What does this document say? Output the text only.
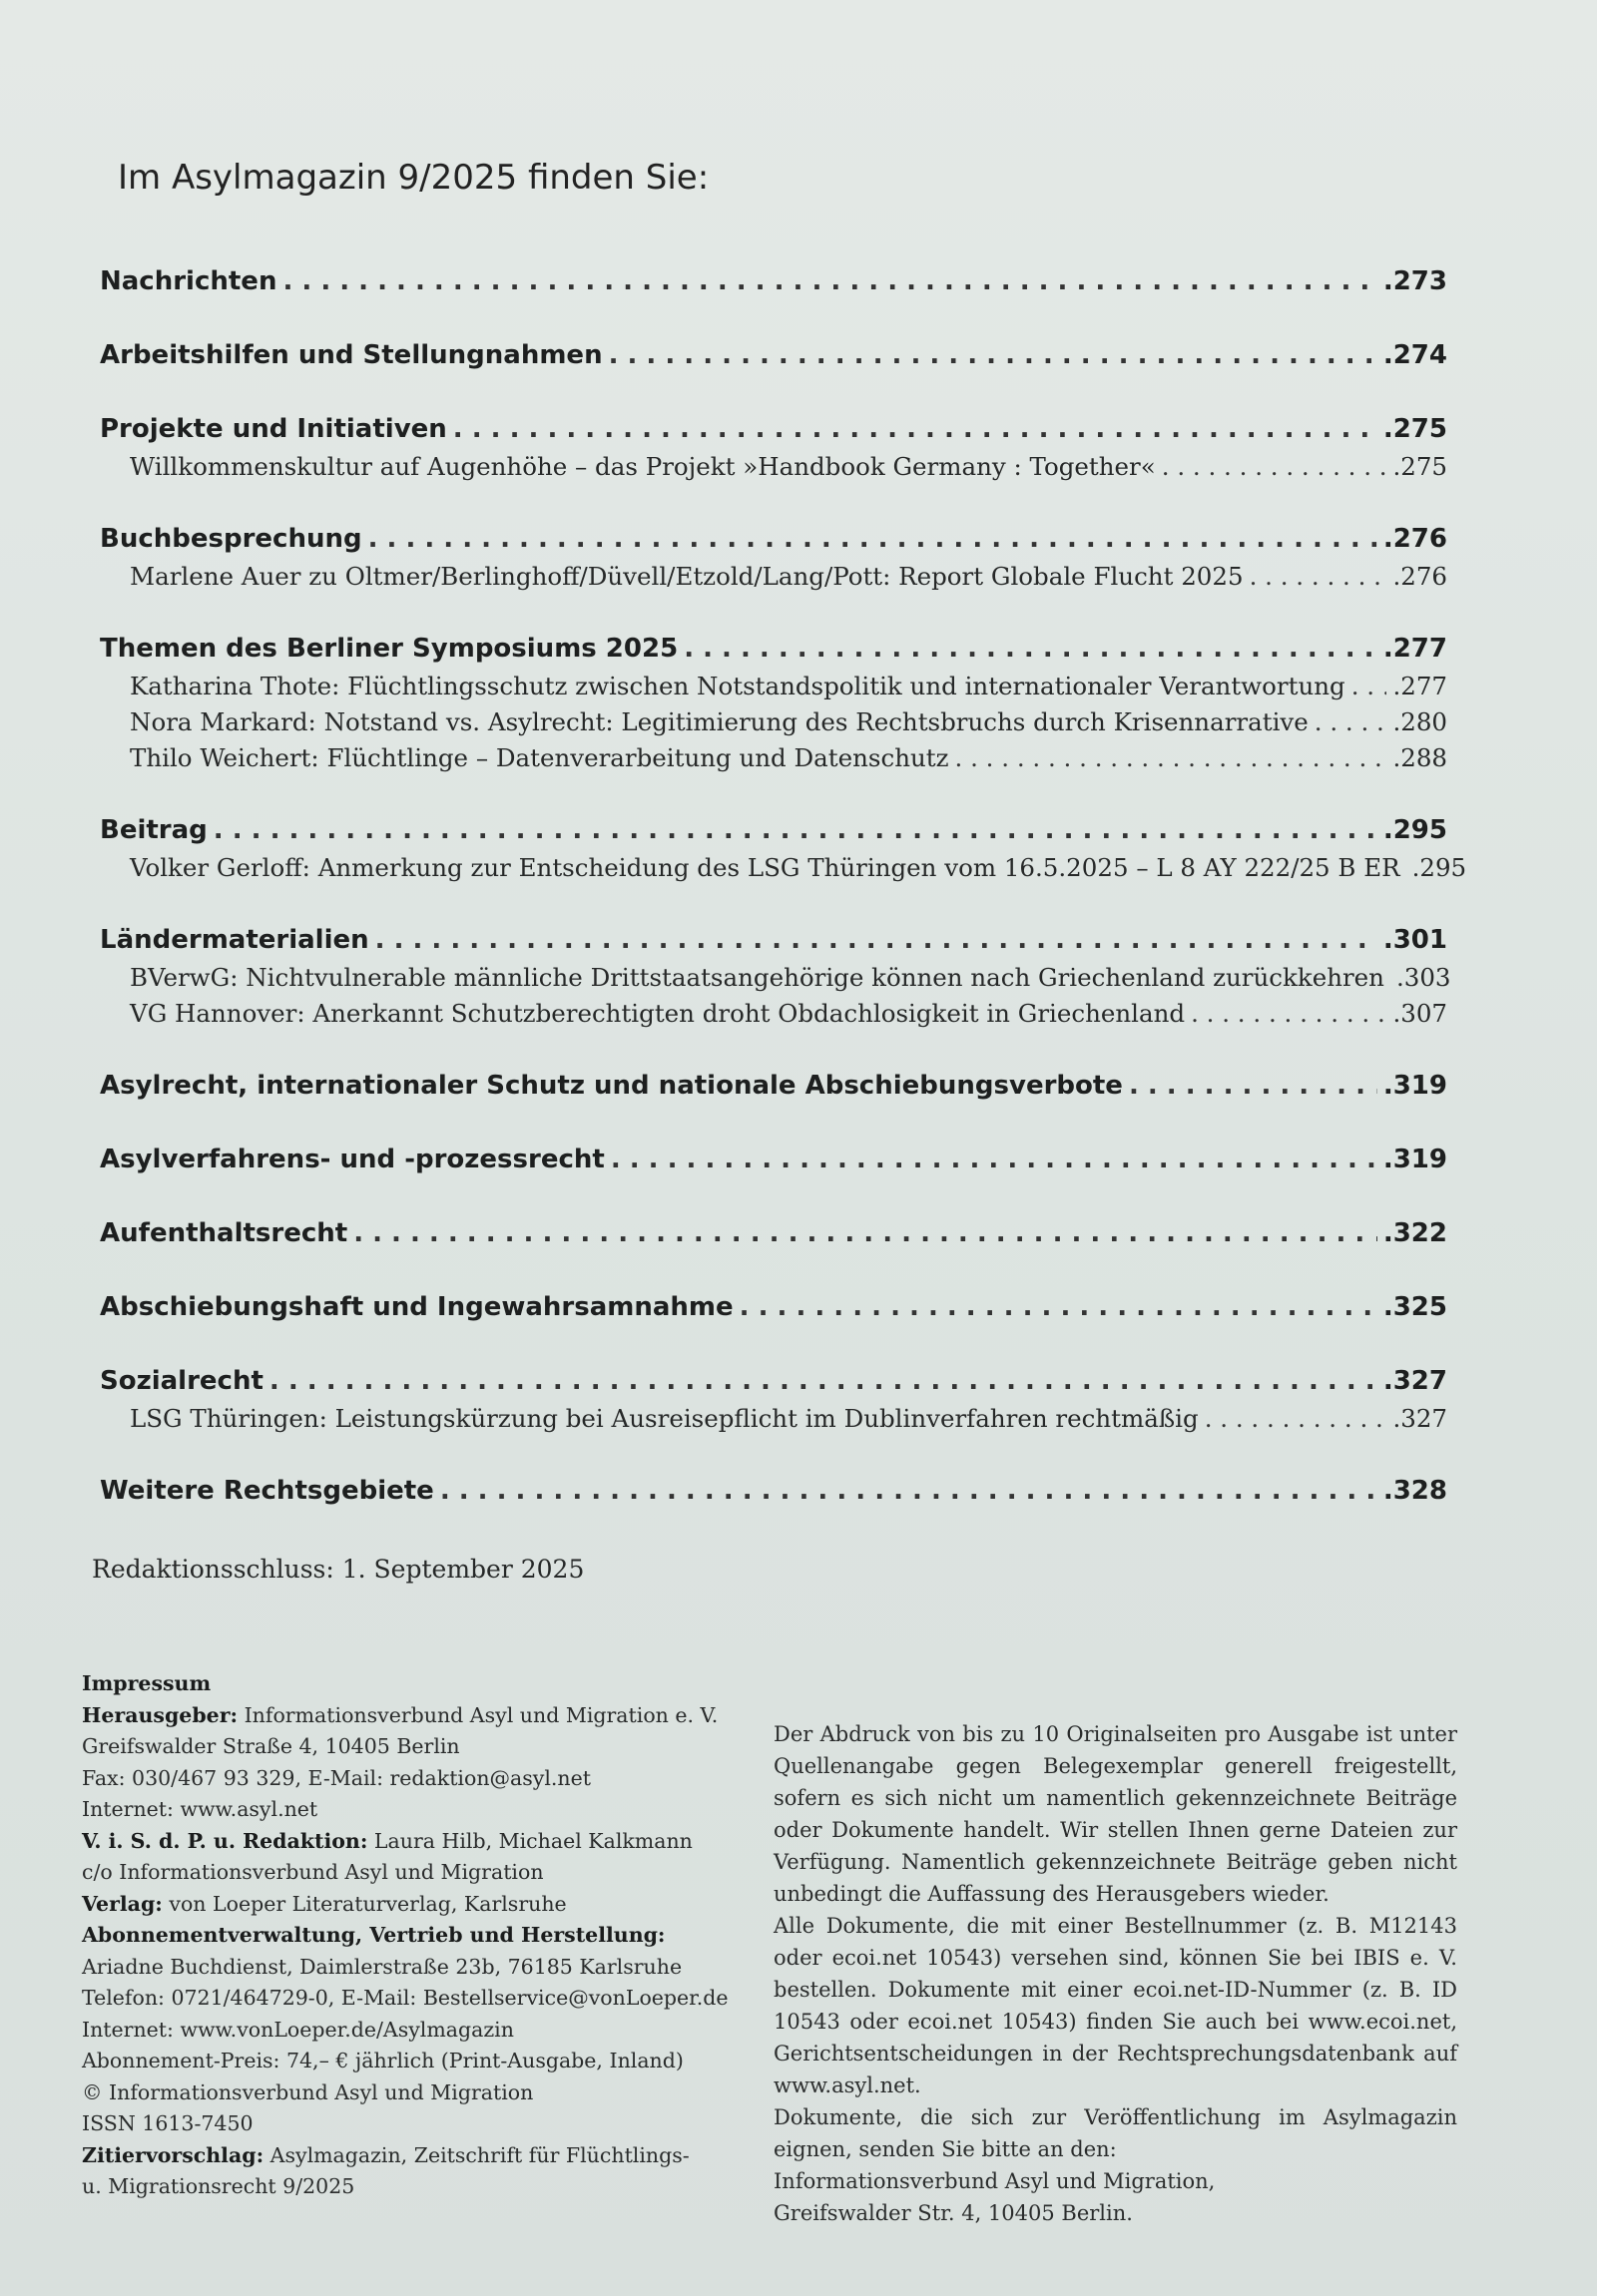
Im Asylmagazin 9/2025 finden Sie:
Nachrichten . . .	.273
Arbeitshilfen und Stellungnahmen . . .	.274
Projekte und Initiativen . . .	.275
Willkommenskultur auf Augenhöhe – das Projekt »Handbook Germany : Together« . . .	.275
Buchbesprechung . . .	.276
Marlene Auer zu Oltmer/Berlinghoff/Düvell/Etzold/Lang/Pott: Report Globale Flucht 2025 . . .	.276
Themen des Berliner Symposiums 2025 . . .	.277
Katharina Thote: Flüchtlingsschutz zwischen Notstandspolitik und internationaler Verantwortung . . . .277
Nora Markard: Notstand vs. Asylrecht: Legitimierung des Rechtsbruchs durch Krisennarrative . . .	.280
Thilo Weichert: Flüchtlinge – Datenverarbeitung und Datenschutz . . .	.288
Beitrag . . .	.295
Volker Gerloff: Anmerkung zur Entscheidung des LSG Thüringen vom 16.5.2025 – L 8 AY 222/25 B ER .295
Ländermaterialien . . .	.301
BVerwG: Nichtvulnerable männliche Drittstaatsangehörige können nach Griechenland zurückkehren .303
VG Hannover: Anerkannt Schutzberechtigten droht Obdachlosigkeit in Griechenland . . .	.307
Asylrecht, internationaler Schutz und nationale Abschiebungsverbote . . .	.319
Asylverfahrens- und -prozessrecht . . .	.319
Aufenthaltsrecht . . .	.322
Abschiebungshaft und Ingewahrsamnahme . . .	.325
Sozialrecht . . .	.327
LSG Thüringen: Leistungskürzung bei Ausreisepflicht im Dublinverfahren rechtmäßig . . .	.327
Weitere Rechtsgebiete . . .	.328
Redaktionsschluss: 1. September 2025
Impressum
Herausgeber: Informationsverbund Asyl und Migration e. V.
Greifswalder Straße 4, 10405 Berlin
Fax: 030/467 93 329, E-Mail: redaktion@asyl.net
Internet: www.asyl.net
V. i. S. d. P. u. Redaktion: Laura Hilb, Michael Kalkmann
c/o Informationsverbund Asyl und Migration
Verlag: von Loeper Literaturverlag, Karlsruhe
Abonnementverwaltung, Vertrieb und Herstellung:
Ariadne Buchdienst, Daimlerstraße 23b, 76185 Karlsruhe
Telefon: 0721/464729-0, E-Mail: Bestellservice@vonLoeper.de
Internet: www.vonLoeper.de/Asylmagazin
Abonnement-Preis: 74,– € jährlich (Print-Ausgabe, Inland)
© Informationsverbund Asyl und Migration
ISSN 1613-7450
Zitiervorschlag: Asylmagazin, Zeitschrift für Flüchtlings-
u. Migrationsrecht 9/2025

Der Abdruck von bis zu 10 Originalseiten pro Ausgabe ist unter Quellenangabe gegen Belegexemplar generell freigestellt, sofern es sich nicht um namentlich gekennzeichnete Beiträge oder Dokumente handelt. Wir stellen Ihnen gerne Dateien zur Verfügung. Namentlich gekennzeichnete Beiträge geben nicht unbedingt die Auffassung des Herausgebers wieder.

Alle Dokumente, die mit einer Bestellnummer (z. B. M12143 oder ecoi.net 10543) versehen sind, können Sie bei IBIS e. V. bestellen. Dokumente mit einer ecoi.net-ID-Nummer (z. B. ID 10543 oder ecoi.net 10543) finden Sie auch bei www.ecoi.net, Gerichtsentscheidungen in der Rechtsprechungsdatenbank auf www.asyl.net.

Dokumente, die sich zur Veröffentlichung im Asylmagazin eignen, senden Sie bitte an den:

Informationsverbund Asyl und Migration,

Greifswalder Str. 4, 10405 Berlin.
